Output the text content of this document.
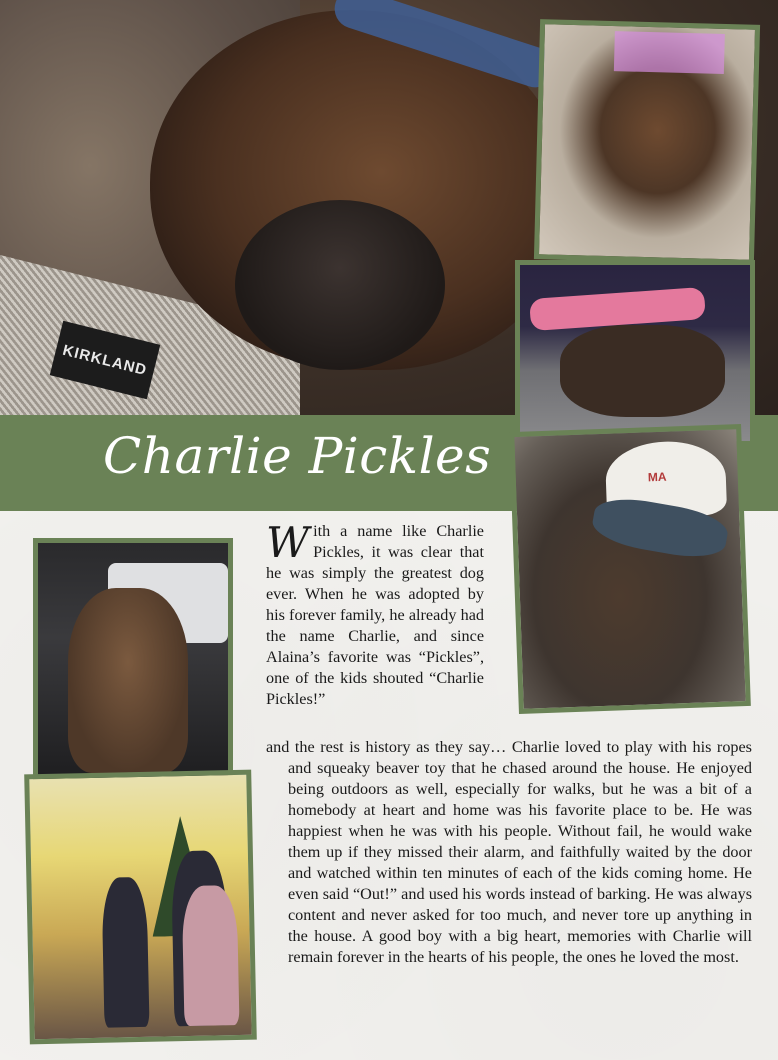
KIRKLAND
Charlie Pickles	MA
With a name like Charlie Pickles, it was clear that he was simply the greatest dog ever. When he was adopted by his forever family, he already had the name Charlie, and since Alaina’s favorite was “Pickles”, one of the kids shouted “Charlie Pickles!”

and the rest is history as they say… Charlie loved to play with his ropes and squeaky beaver toy that he chased around the house. He enjoyed being outdoors as well, especially for walks, but he was a bit of a homebody at heart and home was his favorite place to be. He was happiest when he was with his people. Without fail, he would wake them up if they missed their alarm, and faithfully waited by the door and watched within ten minutes of each of the kids coming home. He even said “Out!” and used his words instead of barking. He was always content and never asked for too much, and never tore up anything in the house. A good boy with a big heart, memories with Charlie will remain forever in the hearts of his people, the ones he loved the most.
